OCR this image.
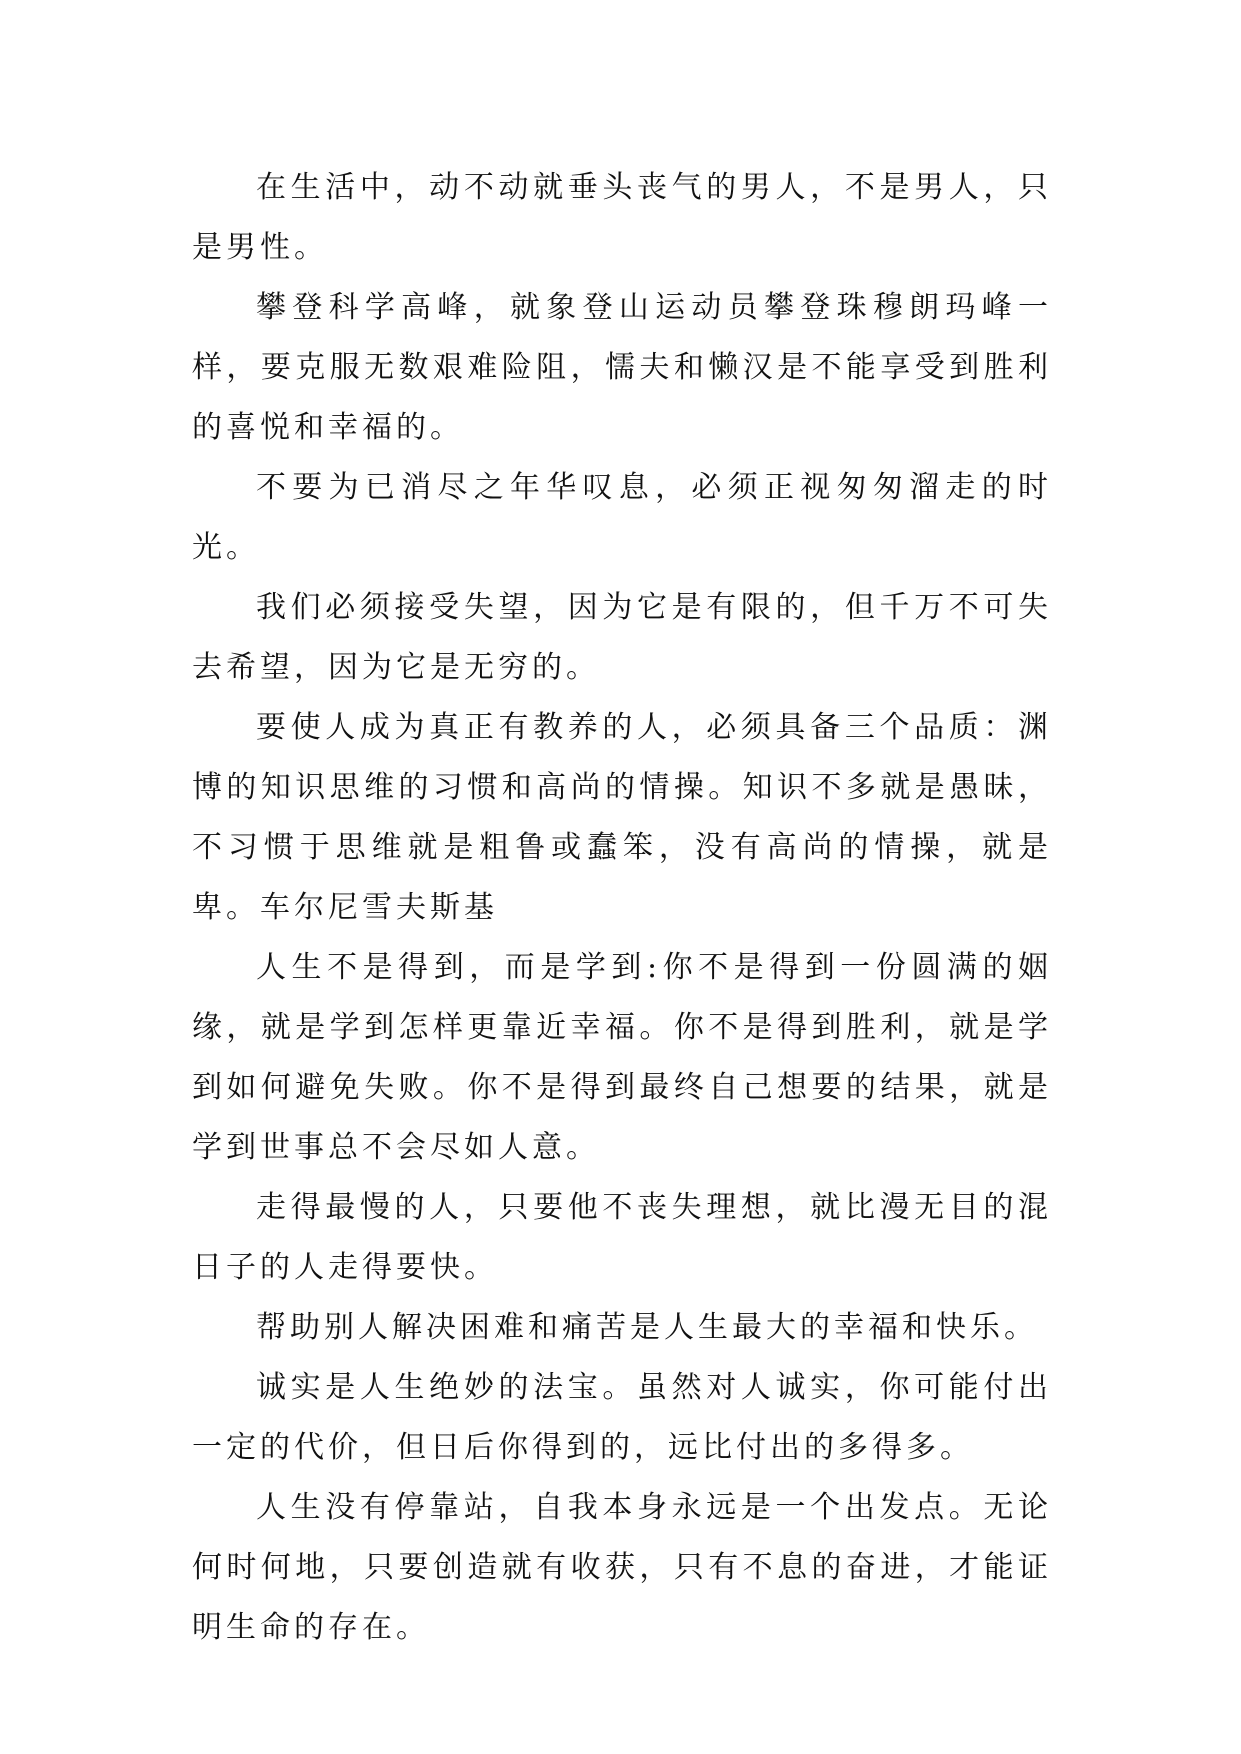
在生活中，动不动就垂头丧气的男人，不是男人，只是男性。

攀登科学高峰，就象登山运动员攀登珠穆朗玛峰一样，要克服无数艰难险阻，懦夫和懒汉是不能享受到胜利的喜悦和幸福的。

不要为已消尽之年华叹息，必须正视匆匆溜走的时光。

我们必须接受失望，因为它是有限的，但千万不可失去希望，因为它是无穷的。

要使人成为真正有教养的人，必须具备三个品质：渊博的知识思维的习惯和高尚的情操。知识不多就是愚昧，不习惯于思维就是粗鲁或蠢笨，没有高尚的情操，就是卑。车尔尼雪夫斯基

人生不是得到，而是学到:你不是得到一份圆满的姻缘，就是学到怎样更靠近幸福。你不是得到胜利，就是学到如何避免失败。你不是得到最终自己想要的结果，就是学到世事总不会尽如人意。

走得最慢的人，只要他不丧失理想，就比漫无目的混日子的人走得要快。

帮助别人解决困难和痛苦是人生最大的幸福和快乐。

诚实是人生绝妙的法宝。虽然对人诚实，你可能付出一定的代价，但日后你得到的，远比付出的多得多。

人生没有停靠站，自我本身永远是一个出发点。无论何时何地，只要创造就有收获，只有不息的奋进，才能证明生命的存在。
